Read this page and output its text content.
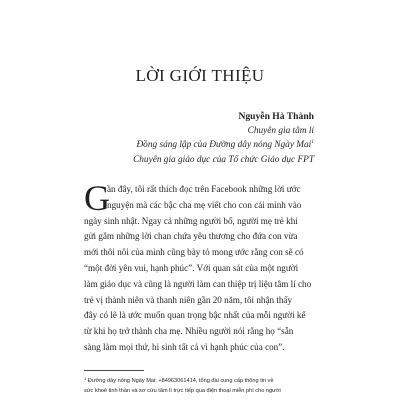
LỜI GIỚI THIỆU
Nguyễn Hà Thành

Chuyên gia tâm lí
Đồng sáng lập của Đường dây nóng Ngày Mai$^1$
Chuyên gia giáo dục của Tổ chức Giáo dục FPT
G
ần đây, tôi rất thích đọc trên Facebook những lời ước
nguyện mà các bậc cha mẹ viết cho con cái mình vào
ngày sinh nhật. Ngay cả những người bố, người mẹ trẻ khi
gửi gắm những lời chan chứa yêu thương cho đứa con vừa
mới thôi nôi của mình cũng bày tỏ mong ước rằng con sẽ có
“một đời yên vui, hạnh phúc”. Với quan sát của một người
làm giáo dục và cũng là người làm can thiệp trị liệu tâm lí cho
trẻ vị thành niên và thanh niên gần 20 năm, tôi nhận thấy
đây có lẽ là ước muốn quan trọng bậc nhất của mỗi người kể
từ khi họ trở thành cha mẹ. Nhiều người nói rằng họ “sẵn
sàng làm mọi thứ, hi sinh tất cả vì hạnh phúc của con”.
$^1$ Đường dây nóng Ngày Mai: +84963061414, tổng đài cung cấp thông tin về
sức khoẻ tinh thần và sơ cứu tâm lí trực tiếp qua điện thoại miễn phí cho người
